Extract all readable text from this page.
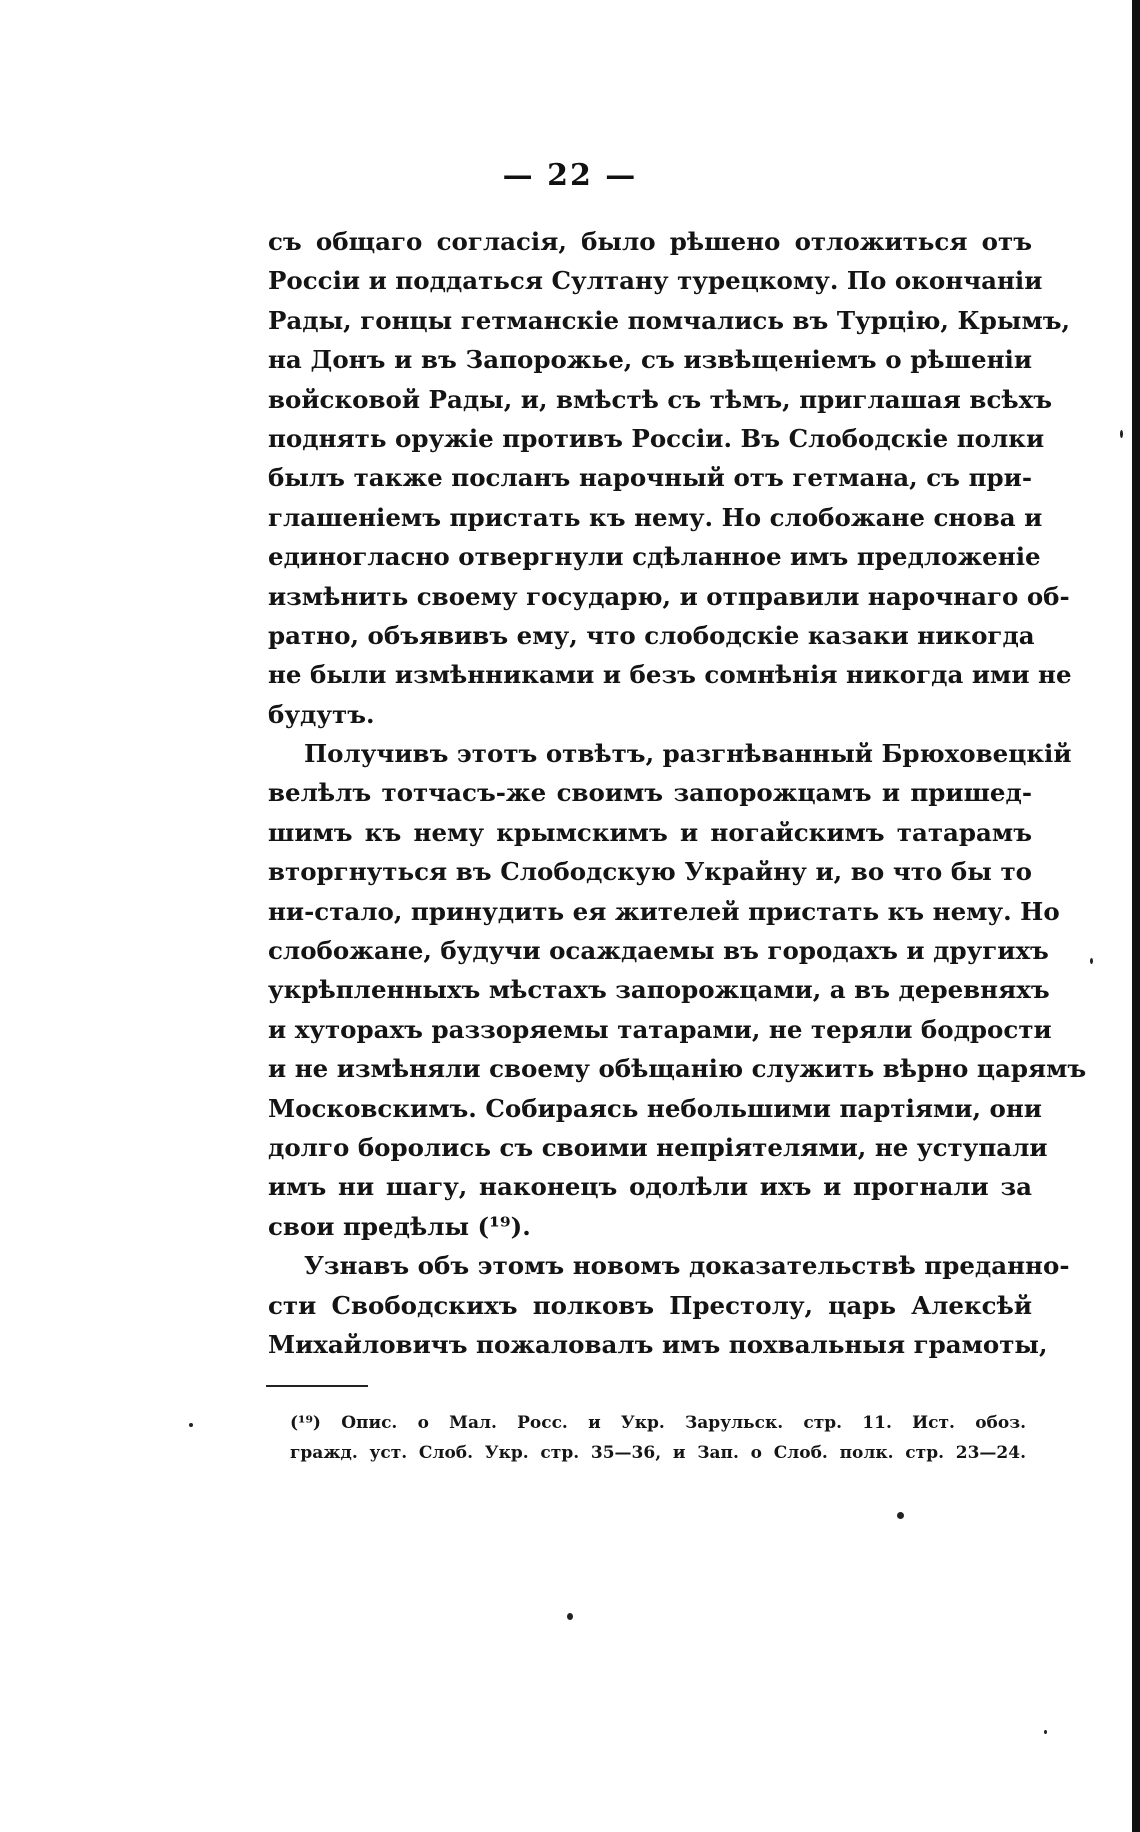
— 22 —
съ общаго согласія, было рѣшено отложиться отъ
Россіи и поддаться Султану турецкому. По окончаніи
Рады, гонцы гетманскіе помчались въ Турцію, Крымъ,
на Донъ и въ Запорожье, съ извѣщеніемъ о рѣшеніи
войсковой Рады, и, вмѣстѣ съ тѣмъ, приглашая всѣхъ
поднять оружіе противъ Россіи. Въ Слободскіе полки
былъ также посланъ нарочный отъ гетмана, съ при-
глашеніемъ пристать къ нему. Но слобожане снова и
единогласно отвергнули сдѣланное имъ предложеніе
измѣнить своему государю, и отправили нарочнаго об-
ратно, объявивъ ему, что слободскіе казаки никогда
не были измѣнниками и безъ сомнѣнія никогда ими не
будутъ.
Получивъ этотъ отвѣтъ, разгнѣванный Брюховецкій
велѣлъ тотчасъ-же своимъ запорожцамъ и пришед-
шимъ къ нему крымскимъ и ногайскимъ татарамъ
вторгнуться въ Слободскую Украйну и, во что бы то
ни-стало, принудить ея жителей пристать къ нему. Но
слобожане, будучи осаждаемы въ городахъ и другихъ
укрѣпленныхъ мѣстахъ запорожцами, а въ деревняхъ
и хуторахъ раззоряемы татарами, не теряли бодрости
и не измѣняли своему обѣщанію служить вѣрно царямъ
Московскимъ. Собираясь небольшими партіями, они
долго боролись съ своими непріятелями, не уступали
имъ ни шагу, наконецъ одолѣли ихъ и прогнали за
свои предѣлы (¹⁹).
Узнавъ объ этомъ новомъ доказательствѣ преданно-
сти Свободскихъ полковъ Престолу, царь Алексѣй
Михайловичъ пожаловалъ имъ похвальныя грамоты,
(¹⁹) Опис. о Мал. Росс. и Укр. Зарульск. стр. 11. Ист. обоз.
гражд. уст. Слоб. Укр. стр. 35—36, и Зап. о Слоб. полк. стр. 23—24.
